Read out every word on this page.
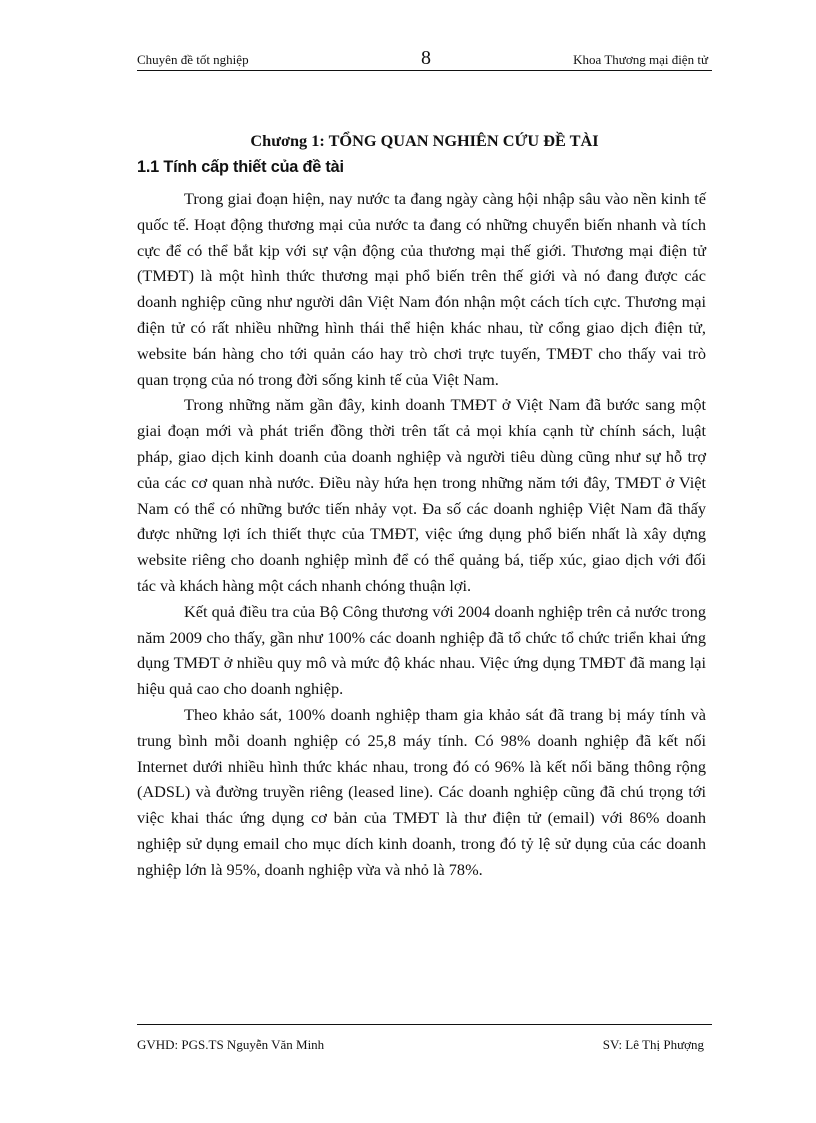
Chuyên đề tốt nghiệp	8	Khoa Thương mại điện tử
Chương 1: TỔNG QUAN NGHIÊN CỨU ĐỀ TÀI
1.1 Tính cấp thiết của đề tài

Trong giai đoạn hiện, nay nước ta đang ngày càng hội nhập sâu vào nền kinh tế quốc tế. Hoạt động thương mại của nước ta đang có những chuyển biến nhanh và tích cực để có thể bắt kịp với sự vận động của thương mại thế giới. Thương mại điện tử (TMĐT) là một hình thức thương mại phổ biến trên thế giới và nó đang được các doanh nghiệp cũng như người dân Việt Nam đón nhận một cách tích cực. Thương mại điện tử có rất nhiều những hình thái thể hiện khác nhau, từ cổng giao dịch điện tử, website bán hàng cho tới quản cáo hay trò chơi trực tuyến, TMĐT cho thấy vai trò quan trọng của nó trong đời sống kinh tế của Việt Nam.

Trong những năm gần đây, kinh doanh TMĐT ở Việt Nam đã bước sang một giai đoạn mới và phát triển đồng thời trên tất cả mọi khía cạnh từ chính sách, luật pháp, giao dịch kinh doanh của doanh nghiệp và người tiêu dùng cũng như sự hỗ trợ của các cơ quan nhà nước. Điều này hứa hẹn trong những năm tới đây, TMĐT ở Việt Nam có thể có những bước tiến nhảy vọt. Đa số các doanh nghiệp Việt Nam đã thấy được những lợi ích thiết thực của TMĐT, việc ứng dụng phổ biến nhất là xây dựng website riêng cho doanh nghiệp mình để có thể quảng bá, tiếp xúc, giao dịch với đối tác và khách hàng một cách nhanh chóng thuận lợi.

Kết quả điều tra của Bộ Công thương với 2004 doanh nghiệp trên cả nước trong năm 2009 cho thấy, gần như 100% các doanh nghiệp đã tổ chức tổ chức triển khai ứng dụng TMĐT ở nhiều quy mô và mức độ khác nhau. Việc ứng dụng TMĐT đã mang lại hiệu quả cao cho doanh nghiệp.

Theo khảo sát, 100% doanh nghiệp tham gia khảo sát đã trang bị máy tính và trung bình mỗi doanh nghiệp có 25,8 máy tính. Có 98% doanh nghiệp đã kết nối Internet dưới nhiều hình thức khác nhau, trong đó có 96% là kết nối băng thông rộng (ADSL) và đường truyền riêng (leased line). Các doanh nghiệp cũng đã chú trọng tới việc khai thác ứng dụng cơ bản của TMĐT là thư điện tử (email) với 86% doanh nghiệp sử dụng email cho mục dích kinh doanh, trong đó tỷ lệ sử dụng của các doanh nghiệp lớn là 95%, doanh nghiệp vừa và nhỏ là 78%.

GVHD: PGS.TS Nguyễn Văn Minh	SV: Lê Thị Phượng
